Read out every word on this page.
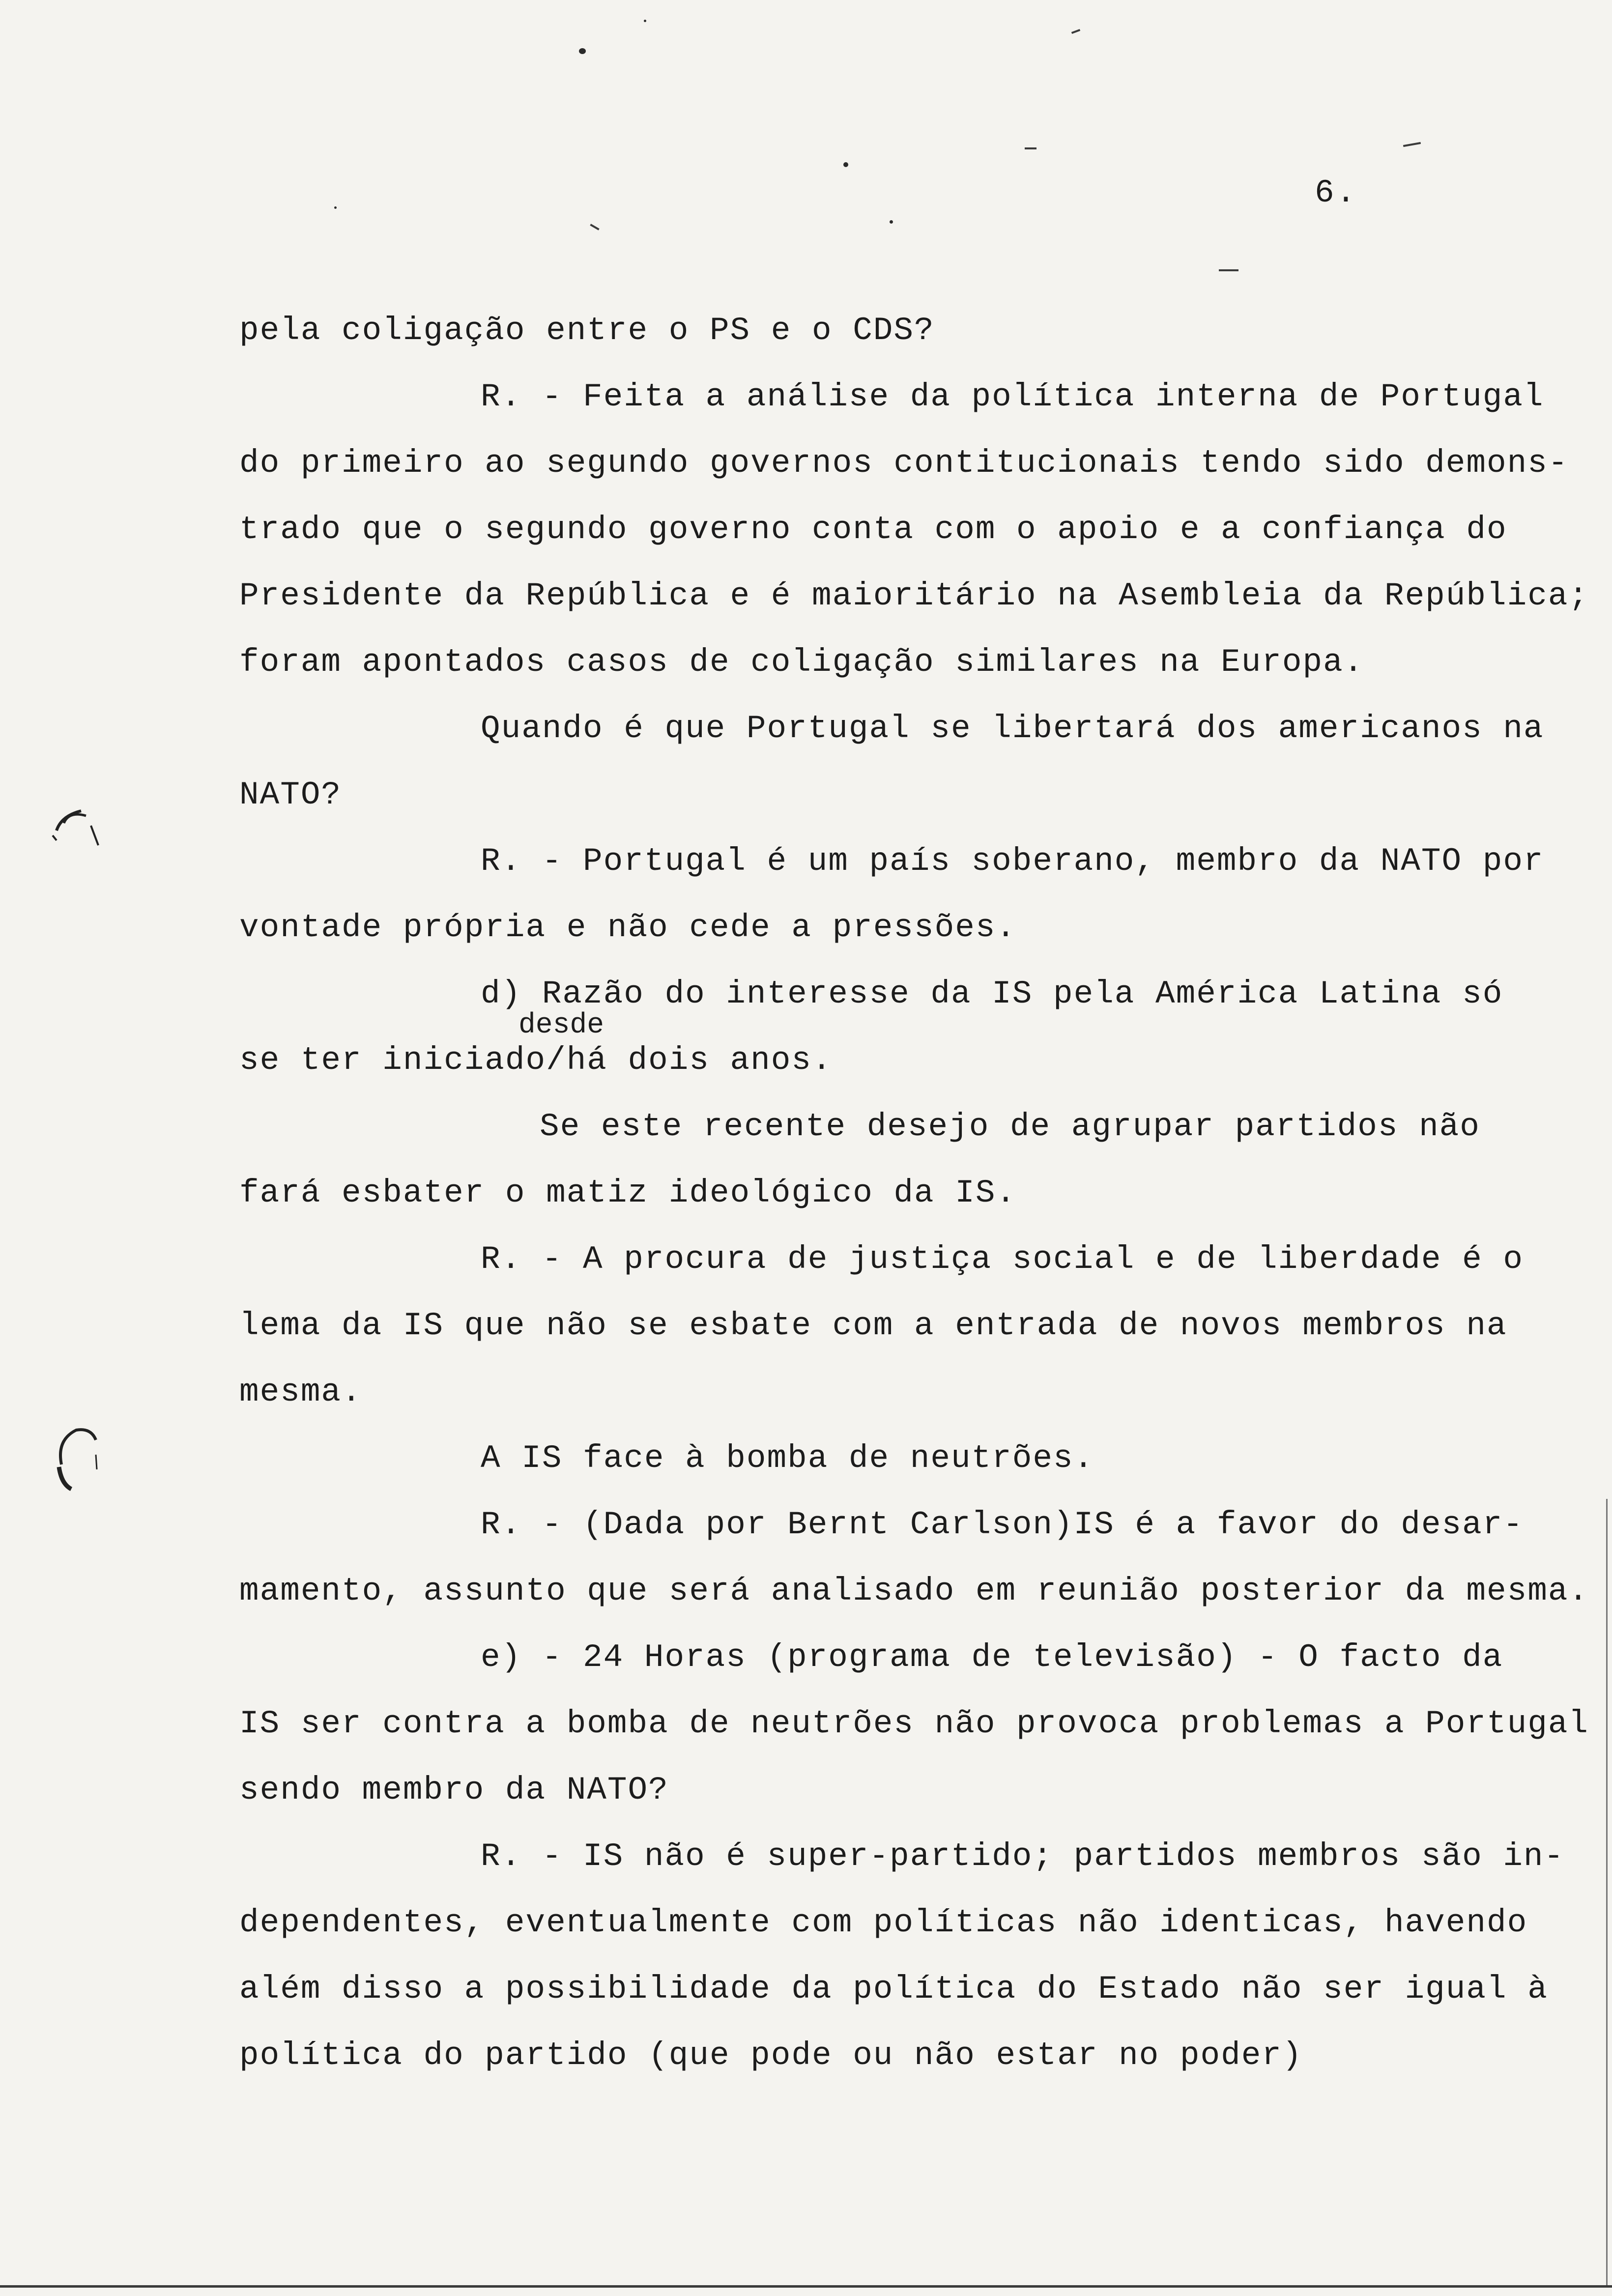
6.
pela coligação entre o PS e o CDS?
R. - Feita a análise da política interna de Portugal
do primeiro ao segundo governos contitucionais tendo sido demons-
trado que o segundo governo conta com o apoio e a confiança do
Presidente da República e é maioritário na Asembleia da República;
foram apontados casos de coligação similares na Europa.
Quando é que Portugal se libertará dos americanos na
NATO?
R. - Portugal é um país soberano, membro da NATO por
vontade própria e não cede a pressões.
d) Razão do interesse da IS pela América Latina só
desde
se ter iniciado/há dois anos.
Se este recente desejo de agrupar partidos não
fará esbater o matiz ideológico da IS.
R. - A procura de justiça social e de liberdade é o
lema da IS que não se esbate com a entrada de novos membros na
mesma.
A IS face à bomba de neutrões.
R. - (Dada por Bernt Carlson)IS é a favor do desar-
mamento, assunto que será analisado em reunião posterior da mesma.
e) - 24 Horas (programa de televisão) - O facto da
IS ser contra a bomba de neutrões não provoca problemas a Portugal
sendo membro da NATO?
R. - IS não é super-partido; partidos membros são in-
dependentes, eventualmente com políticas não identicas, havendo
além disso a possibilidade da política do Estado não ser igual à
política do partido (que pode ou não estar no poder)
